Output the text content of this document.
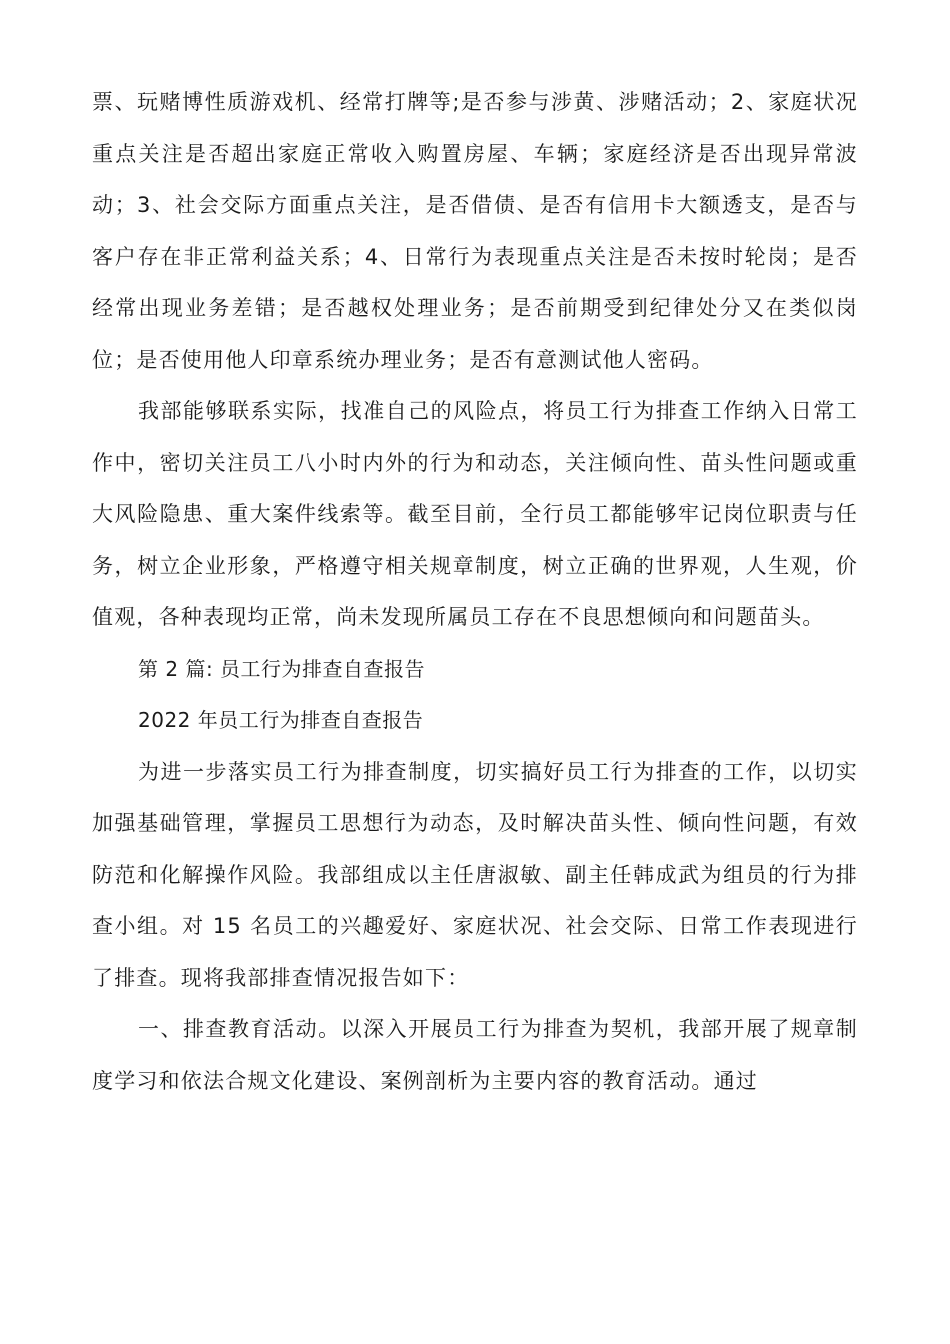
票、玩赌博性质游戏机、经常打牌等;是否参与涉黄、涉赌活动；2、家庭状况重点关注是否超出家庭正常收入购置房屋、车辆；家庭经济是否出现异常波动；3、社会交际方面重点关注，是否借债、是否有信用卡大额透支，是否与客户存在非正常利益关系；4、日常行为表现重点关注是否未按时轮岗；是否经常出现业务差错；是否越权处理业务；是否前期受到纪律处分又在类似岗位；是否使用他人印章系统办理业务；是否有意测试他人密码。

我部能够联系实际，找准自己的风险点，将员工行为排查工作纳入日常工作中，密切关注员工八小时内外的行为和动态，关注倾向性、苗头性问题或重大风险隐患、重大案件线索等。截至目前，全行员工都能够牢记岗位职责与任务，树立企业形象，严格遵守相关规章制度，树立正确的世界观，人生观，价值观，各种表现均正常，尚未发现所属员工存在不良思想倾向和问题苗头。

第 2 篇: 员工行为排查自查报告

2022 年员工行为排查自查报告

为进一步落实员工行为排查制度，切实搞好员工行为排查的工作，以切实加强基础管理，掌握员工思想行为动态，及时解决苗头性、倾向性问题，有效防范和化解操作风险。我部组成以主任唐淑敏、副主任韩成武为组员的行为排查小组。对 15 名员工的兴趣爱好、家庭状况、社会交际、日常工作表现进行了排查。现将我部排查情况报告如下：

一、排查教育活动。以深入开展员工行为排查为契机，我部开展了规章制度学习和依法合规文化建设、案例剖析为主要内容的教育活动。通过
